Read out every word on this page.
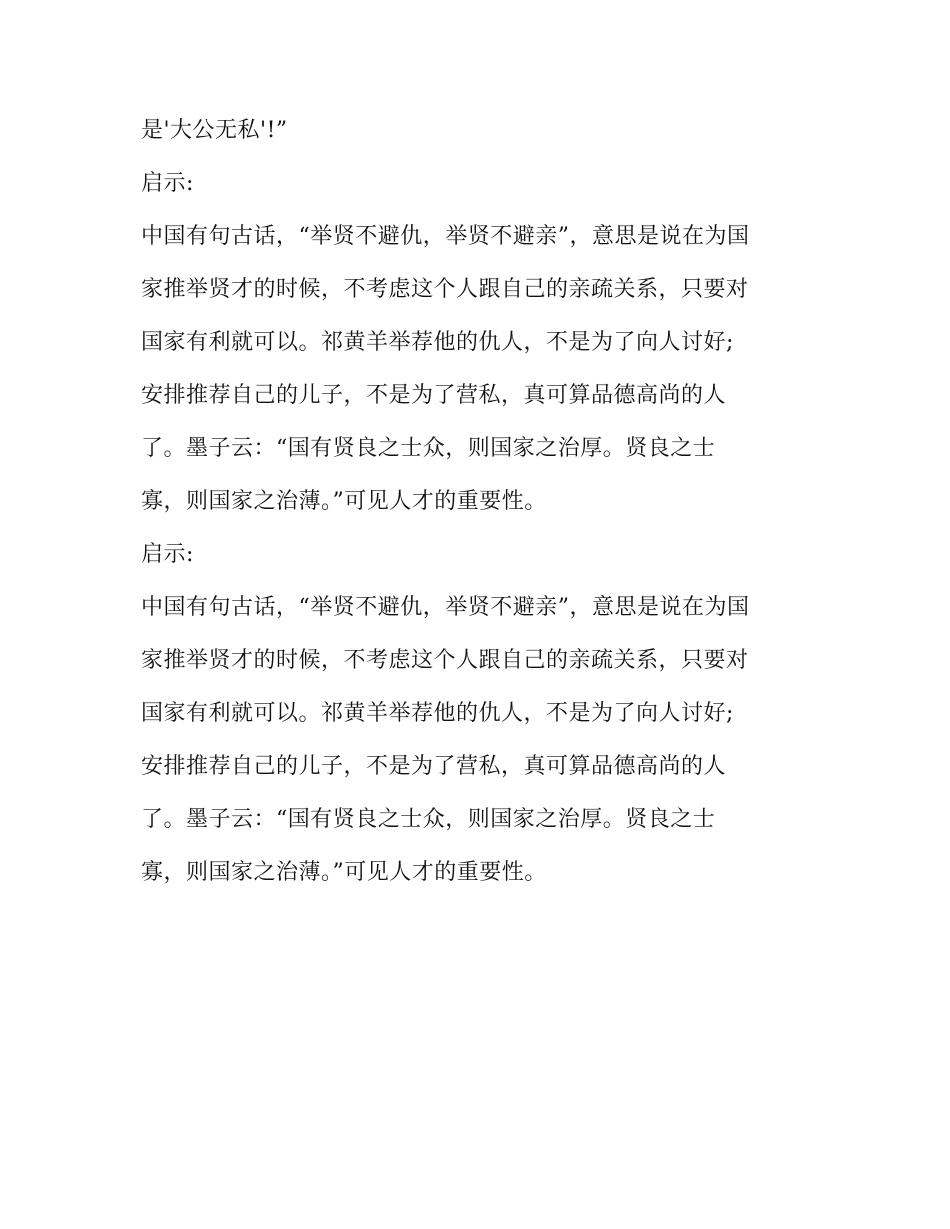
是'大公无私'!”
启示:
中国有句古话，“举贤不避仇，举贤不避亲”，意思是说在为国
家推举贤才的时候，不考虑这个人跟自己的亲疏关系，只要对
国家有利就可以。祁黄羊举荐他的仇人，不是为了向人讨好;
安排推荐自己的儿子，不是为了营私，真可算品德高尚的人
了。墨子云：“国有贤良之士众，则国家之治厚。贤良之士
寡，则国家之治薄。”可见人才的重要性。
启示:
中国有句古话，“举贤不避仇，举贤不避亲”，意思是说在为国
家推举贤才的时候，不考虑这个人跟自己的亲疏关系，只要对
国家有利就可以。祁黄羊举荐他的仇人，不是为了向人讨好;
安排推荐自己的儿子，不是为了营私，真可算品德高尚的人
了。墨子云：“国有贤良之士众，则国家之治厚。贤良之士
寡，则国家之治薄。”可见人才的重要性。
